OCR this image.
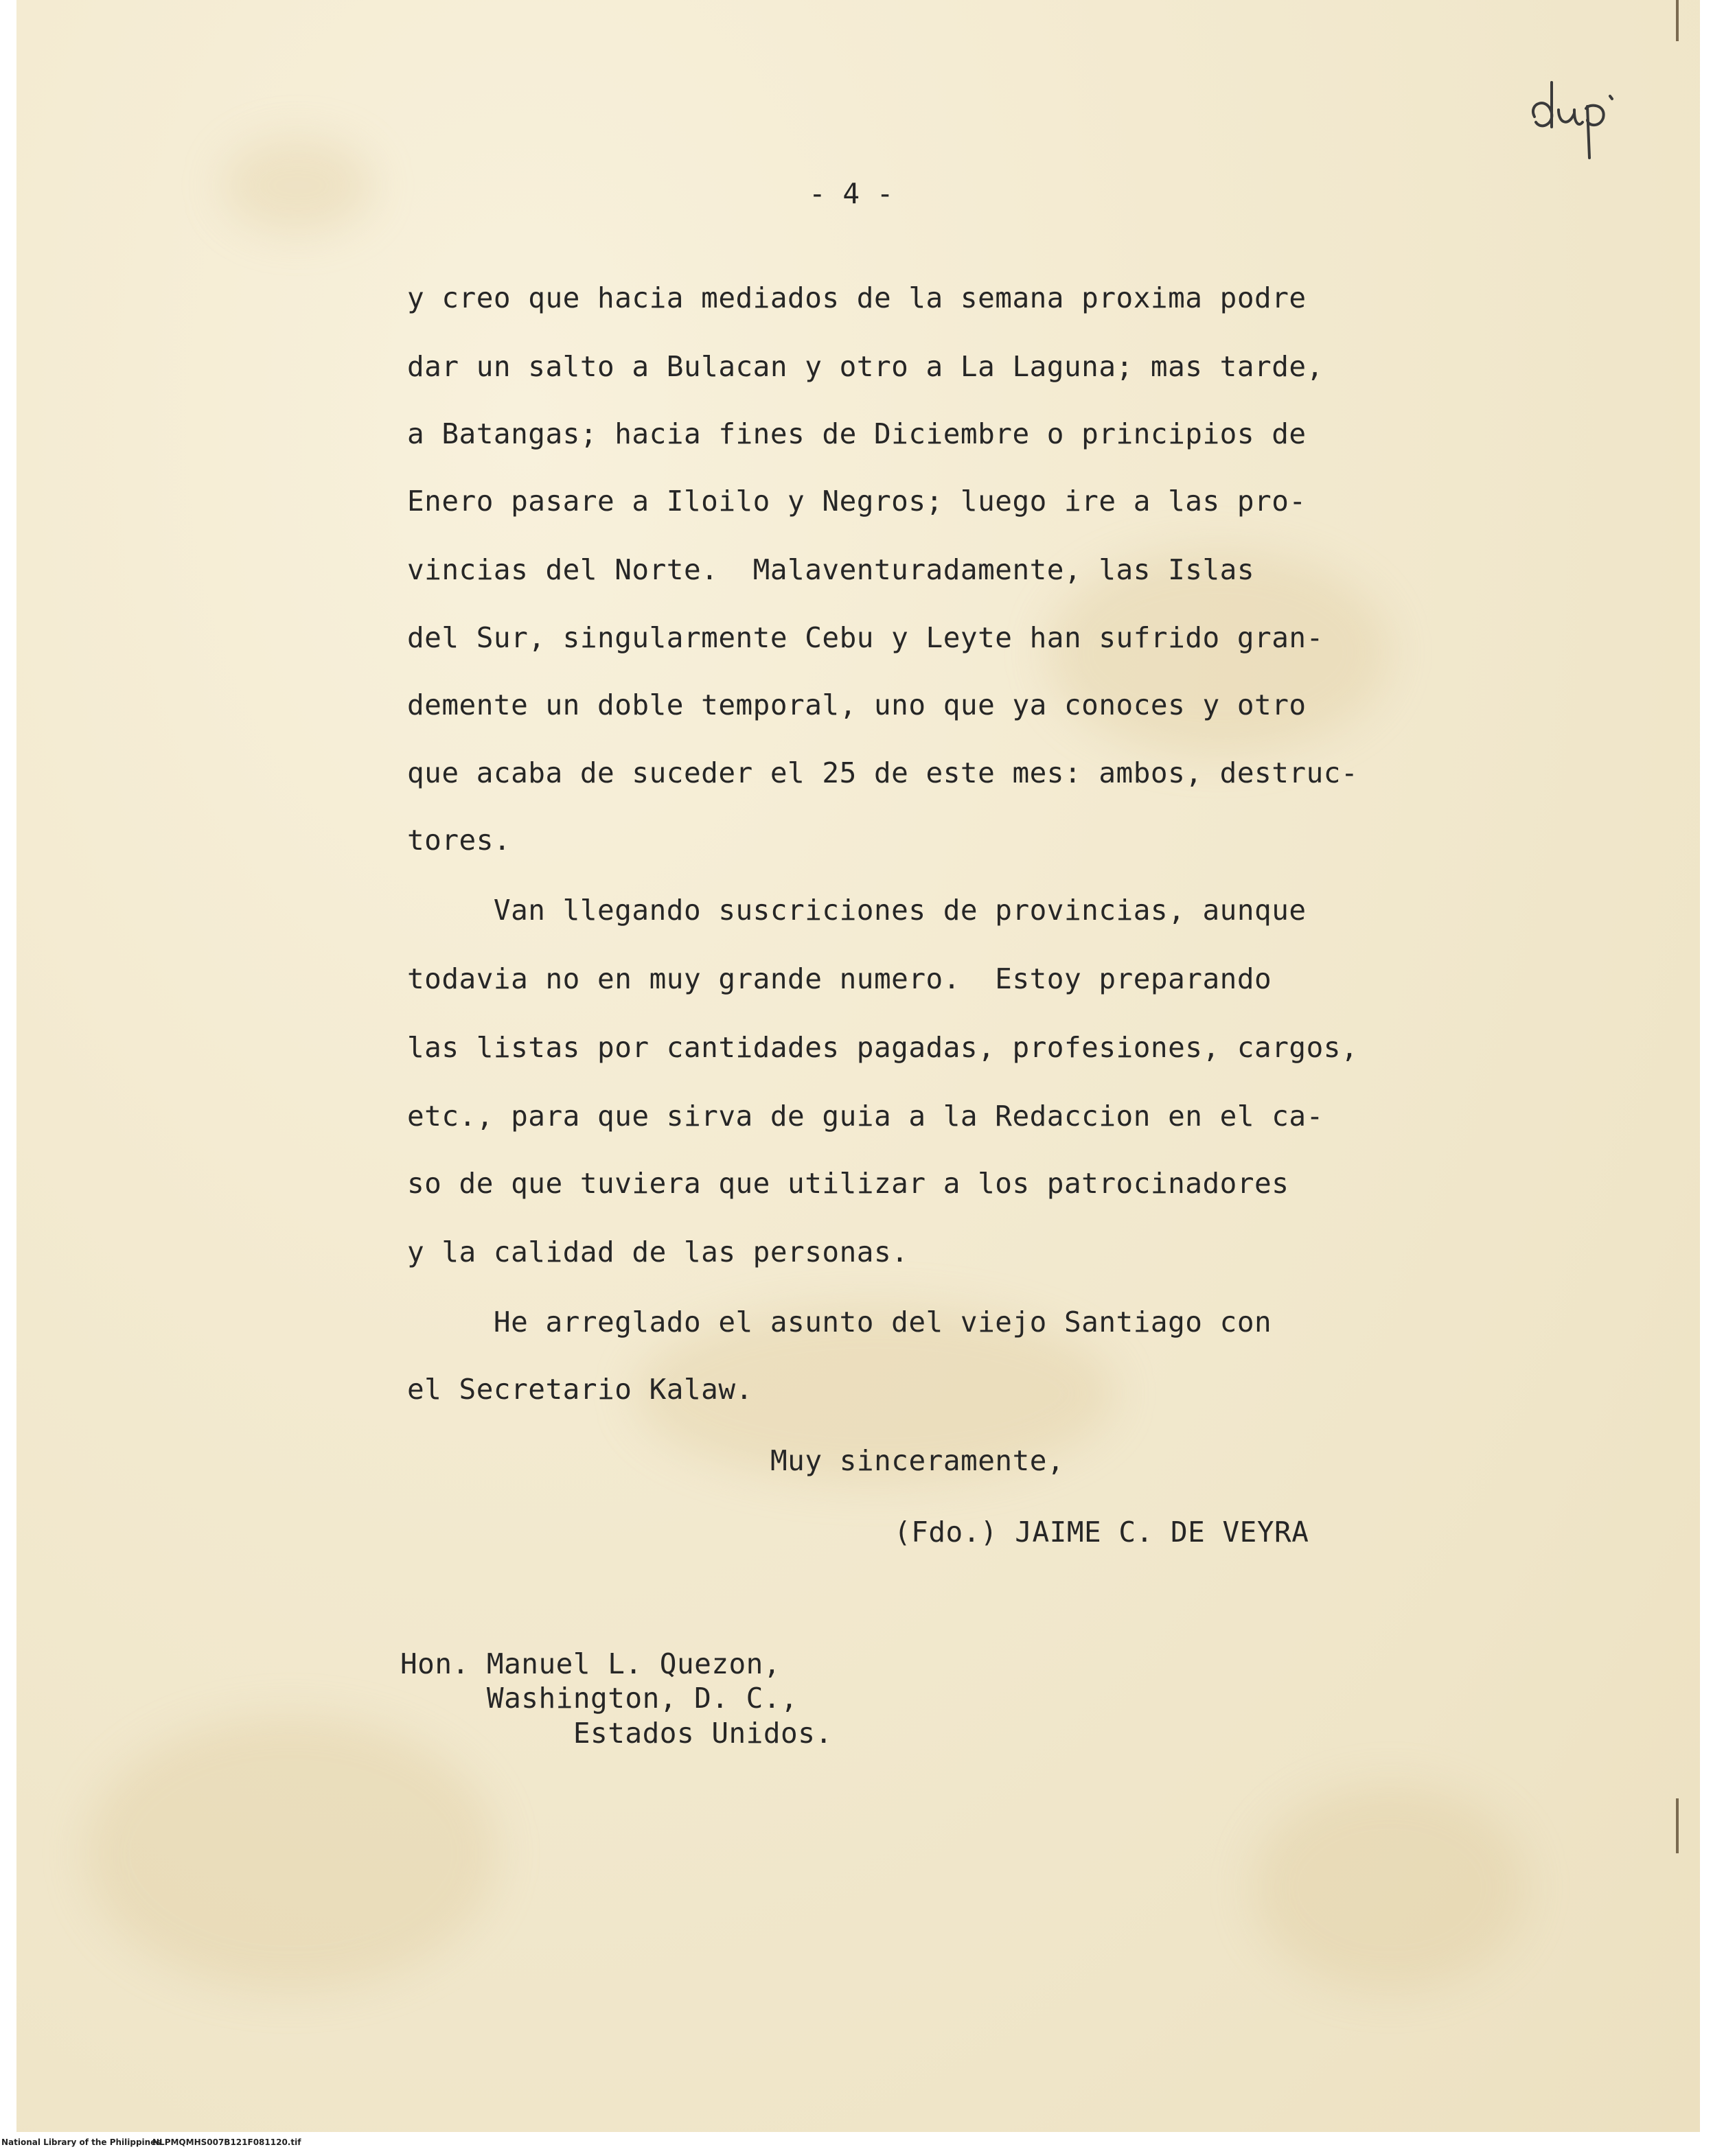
- 4 -
y creo que hacia mediados de la semana proxima podre
dar un salto a Bulacan y otro a La Laguna; mas tarde,
a Batangas; hacia fines de Diciembre o principios de
Enero pasare a Iloilo y Negros; luego ire a las pro-
vincias del Norte.  Malaventuradamente, las Islas
del Sur, singularmente Cebu y Leyte han sufrido gran-
demente un doble temporal, uno que ya conoces y otro
que acaba de suceder el 25 de este mes: ambos, destruc-
tores.
Van llegando suscriciones de provincias, aunque
todavia no en muy grande numero.  Estoy preparando
las listas por cantidades pagadas, profesiones, cargos,
etc., para que sirva de guia a la Redaccion en el ca-
so de que tuviera que utilizar a los patrocinadores
y la calidad de las personas.
He arreglado el asunto del viejo Santiago con
el Secretario Kalaw.
Muy sinceramente,
(Fdo.) JAIME C. DE VEYRA
Hon. Manuel L. Quezon,
Washington, D. C.,
Estados Unidos.
National Library of the Philippines
NLPMQMHS007B121F081120.tif
